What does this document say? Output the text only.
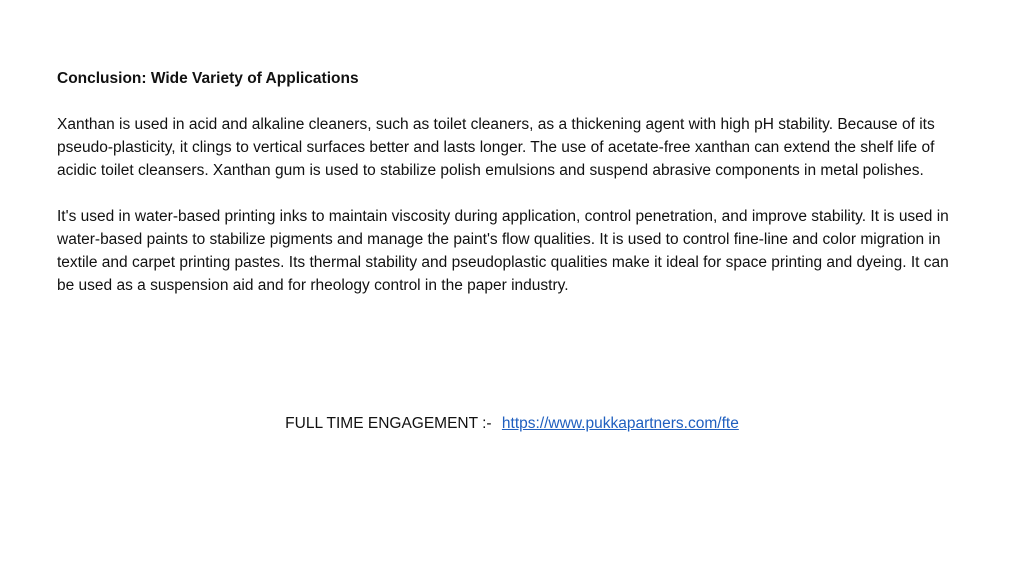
Conclusion: Wide Variety of Applications

Xanthan is used in acid and alkaline cleaners, such as toilet cleaners, as a thickening agent with high pH stability. Because of its pseudo-plasticity, it clings to vertical surfaces better and lasts longer. The use of acetate-free xanthan can extend the shelf life of acidic toilet cleansers. Xanthan gum is used to stabilize polish emulsions and suspend abrasive components in metal polishes.

It's used in water-based printing inks to maintain viscosity during application, control penetration, and improve stability. It is used in water-based paints to stabilize pigments and manage the paint's flow qualities. It is used to control fine-line and color migration in textile and carpet printing pastes. Its thermal stability and pseudoplastic qualities make it ideal for space printing and dyeing. It can be used as a suspension aid and for rheology control in the paper industry.

FULL TIME ENGAGEMENT :- https://www.pukkapartners.com/fte
